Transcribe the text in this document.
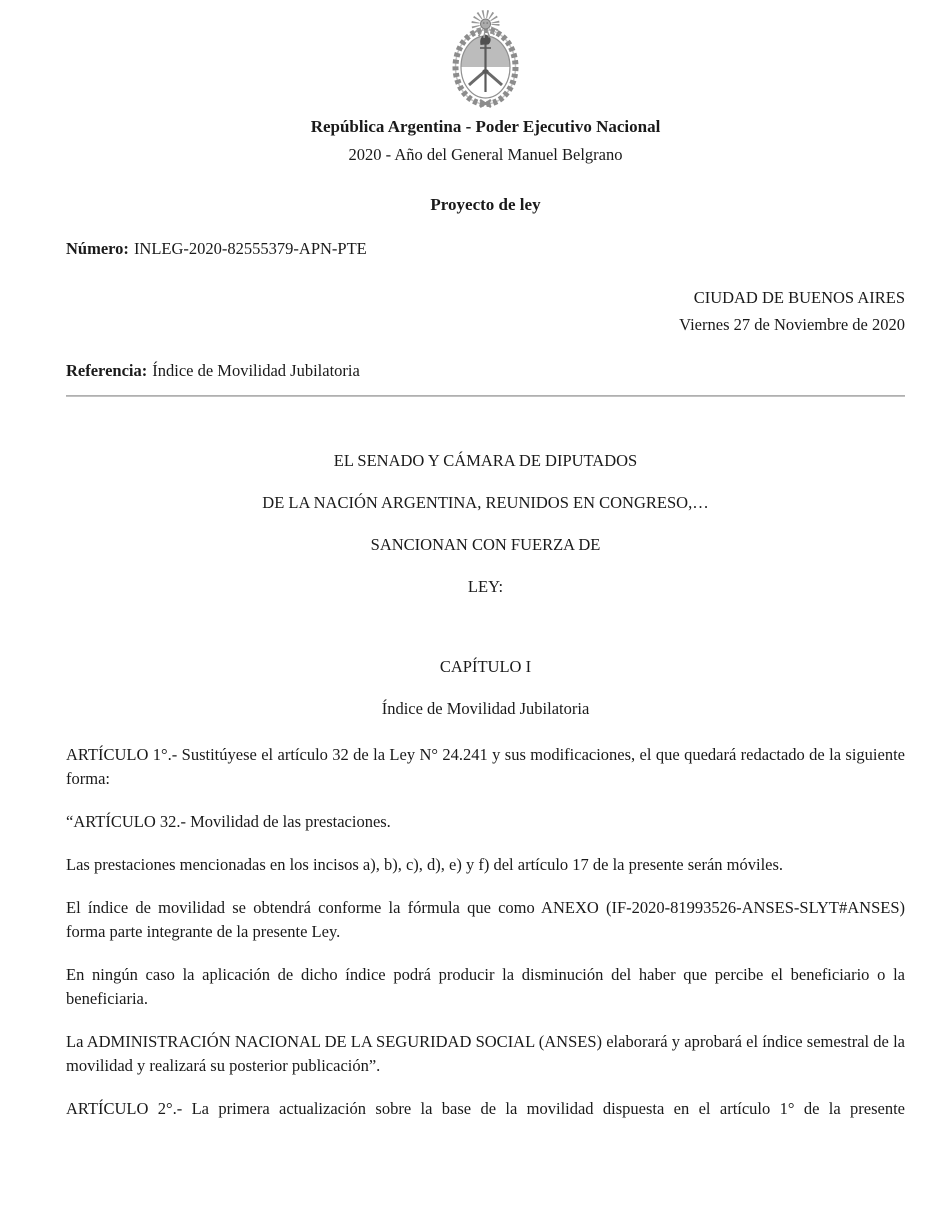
República Argentina - Poder Ejecutivo Nacional

2020 - Año del General Manuel Belgrano

Proyecto de ley

Número: INLEG-2020-82555379-APN-PTE

CIUDAD DE BUENOS AIRES

Viernes 27 de Noviembre de 2020

Referencia: Índice de Movilidad Jubilatoria

EL SENADO Y CÁMARA DE DIPUTADOS

DE LA NACIÓN ARGENTINA, REUNIDOS EN CONGRESO,…

SANCIONAN CON FUERZA DE

LEY:

CAPÍTULO I

Índice de Movilidad Jubilatoria

ARTÍCULO 1°.- Sustitúyese el artículo 32 de la Ley N° 24.241 y sus modificaciones, el que quedará redactado de la siguiente forma:

“ARTÍCULO 32.- Movilidad de las prestaciones.

Las prestaciones mencionadas en los incisos a), b), c), d), e) y f) del artículo 17 de la presente serán móviles.

El índice de movilidad se obtendrá conforme la fórmula que como ANEXO (IF-2020-81993526-ANSES-SLYT#ANSES) forma parte integrante de la presente Ley.

En ningún caso la aplicación de dicho índice podrá producir la disminución del haber que percibe el beneficiario o la beneficiaria.

La ADMINISTRACIÓN NACIONAL DE LA SEGURIDAD SOCIAL (ANSES) elaborará y aprobará el índice semestral de la movilidad y realizará su posterior publicación”.

ARTÍCULO 2°.- La primera actualización sobre la base de la movilidad dispuesta en el artículo 1° de la presente
